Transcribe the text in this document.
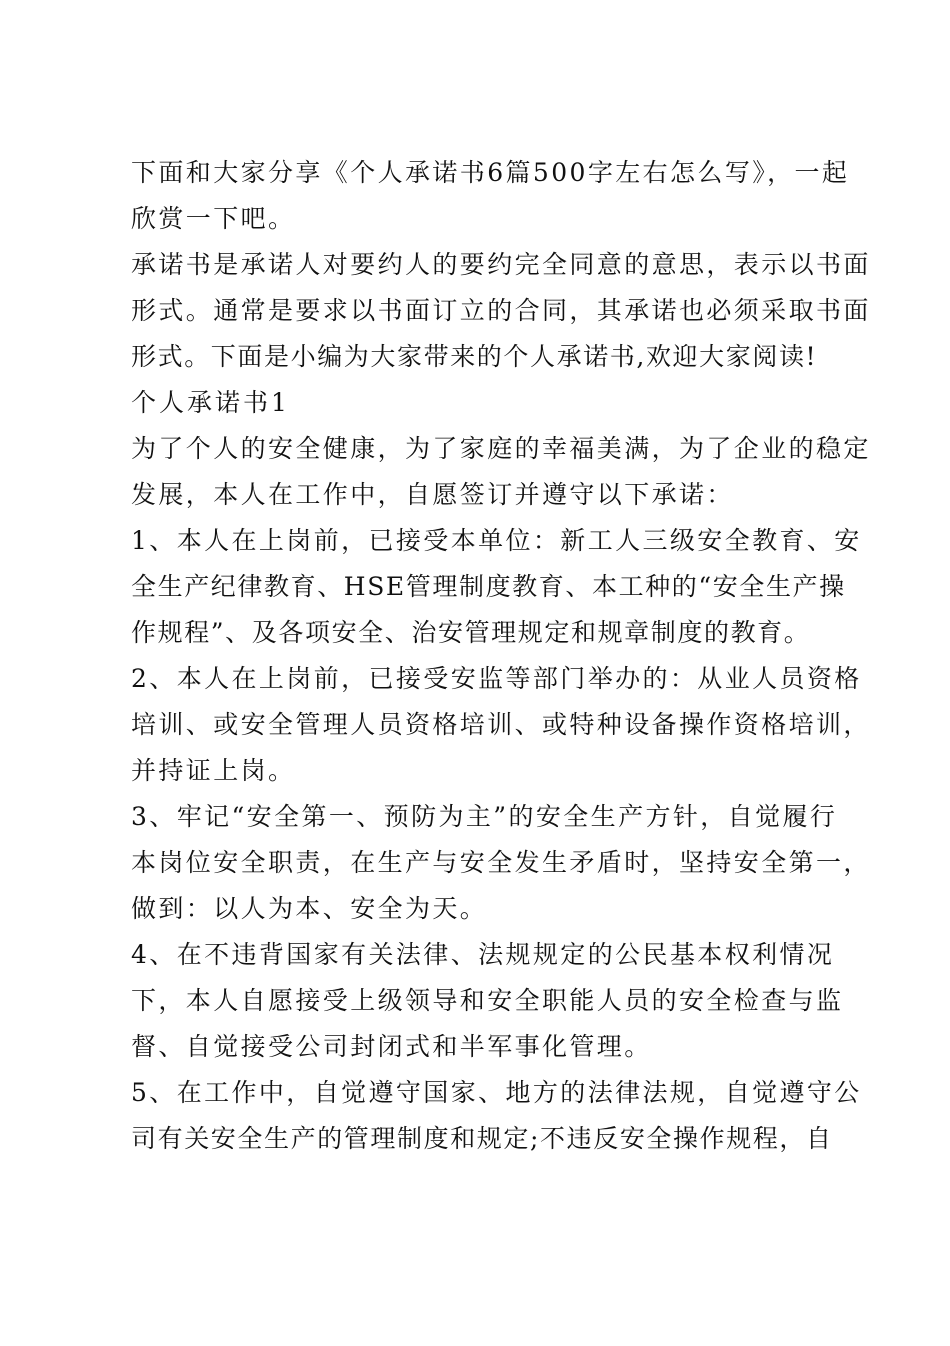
下面和大家分享《个人承诺书6篇500字左右怎么写》，一起
欣赏一下吧。
承诺书是承诺人对要约人的要约完全同意的意思，表示以书面
形式。通常是要求以书面订立的合同，其承诺也必须采取书面
形式。下面是小编为大家带来的个人承诺书,欢迎大家阅读!
个人承诺书1
为了个人的安全健康，为了家庭的幸福美满，为了企业的稳定
发展，本人在工作中，自愿签订并遵守以下承诺：
1、本人在上岗前，已接受本单位：新工人三级安全教育、安
全生产纪律教育、HSE管理制度教育、本工种的“安全生产操
作规程”、及各项安全、治安管理规定和规章制度的教育。
2、本人在上岗前，已接受安监等部门举办的：从业人员资格
培训、或安全管理人员资格培训、或特种设备操作资格培训，
并持证上岗。
3、牢记“安全第一、预防为主”的安全生产方针，自觉履行
本岗位安全职责，在生产与安全发生矛盾时，坚持安全第一，
做到：以人为本、安全为天。
4、在不违背国家有关法律、法规规定的公民基本权利情况
下，本人自愿接受上级领导和安全职能人员的安全检查与监
督、自觉接受公司封闭式和半军事化管理。
5、在工作中，自觉遵守国家、地方的法律法规，自觉遵守公
司有关安全生产的管理制度和规定;不违反安全操作规程，自
